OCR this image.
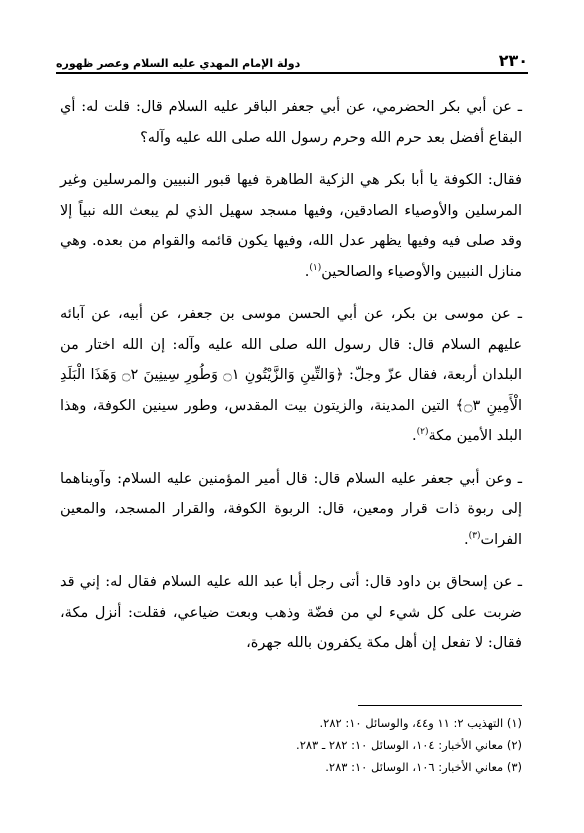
٢٣٠
دولة الإمام المهدي عليه السلام وعصر ظهوره

ـ عن أبي بكر الحضرمي، عن أبي جعفر الباقر عليه السلام قال: قلت له: أي البقاع أفضل بعد حرم الله وحرم رسول الله صلى الله عليه وآله؟

فقال: الكوفة يا أبا بكر هي الزكية الطاهرة فيها قبور النبيين والمرسلين وغير المرسلين والأوصياء الصادقين، وفيها مسجد سهيل الذي لم يبعث الله نبياً إلا وقد صلى فيه وفيها يظهر عدل الله، وفيها يكون قائمه والقوام من بعده. وهي منازل النبيين والأوصياء والصالحين$^{(١)}$.

ـ عن موسى بن بكر، عن أبي الحسن موسى بن جعفر، عن أبيه، عن آبائه عليهم السلام قال: قال رسول الله صلى الله عليه وآله: إن الله اختار من البلدان أربعة، فقال عزّ وجلّ: ﴿وَالتِّينِ وَالزَّيْتُونِ ۝١ وَطُورِ سِينِينَ ۝٢ وَهَذَا الْبَلَدِ الْأَمِينِ ۝٣﴾ التين المدينة، والزيتون بيت المقدس، وطور سينين الكوفة، وهذا البلد الأمين مكة$^{(٢)}$.

ـ وعن أبي جعفر عليه السلام قال: قال أمير المؤمنين عليه السلام: وآويناهما إلى ربوة ذات قرار ومعين، قال: الربوة الكوفة، والقرار المسجد، والمعين الفرات$^{(٣)}$.

ـ عن إسحاق بن داود قال: أتى رجل أبا عبد الله عليه السلام فقال له: إني قد ضربت على كل شيء لي من فضّة وذهب وبعت ضياعي، فقلت: أنزل مكة، فقال: لا تفعل إن أهل مكة يكفرون بالله جهرة،

(١) التهذيب ٢: ١١ و٤٤، والوسائل ١٠: ٢٨٢.
(٢) معاني الأخبار: ١٠٤، الوسائل ١٠: ٢٨٢ ـ ٢٨٣.
(٣) معاني الأخبار: ١٠٦، الوسائل ١٠: ٢٨٣.
